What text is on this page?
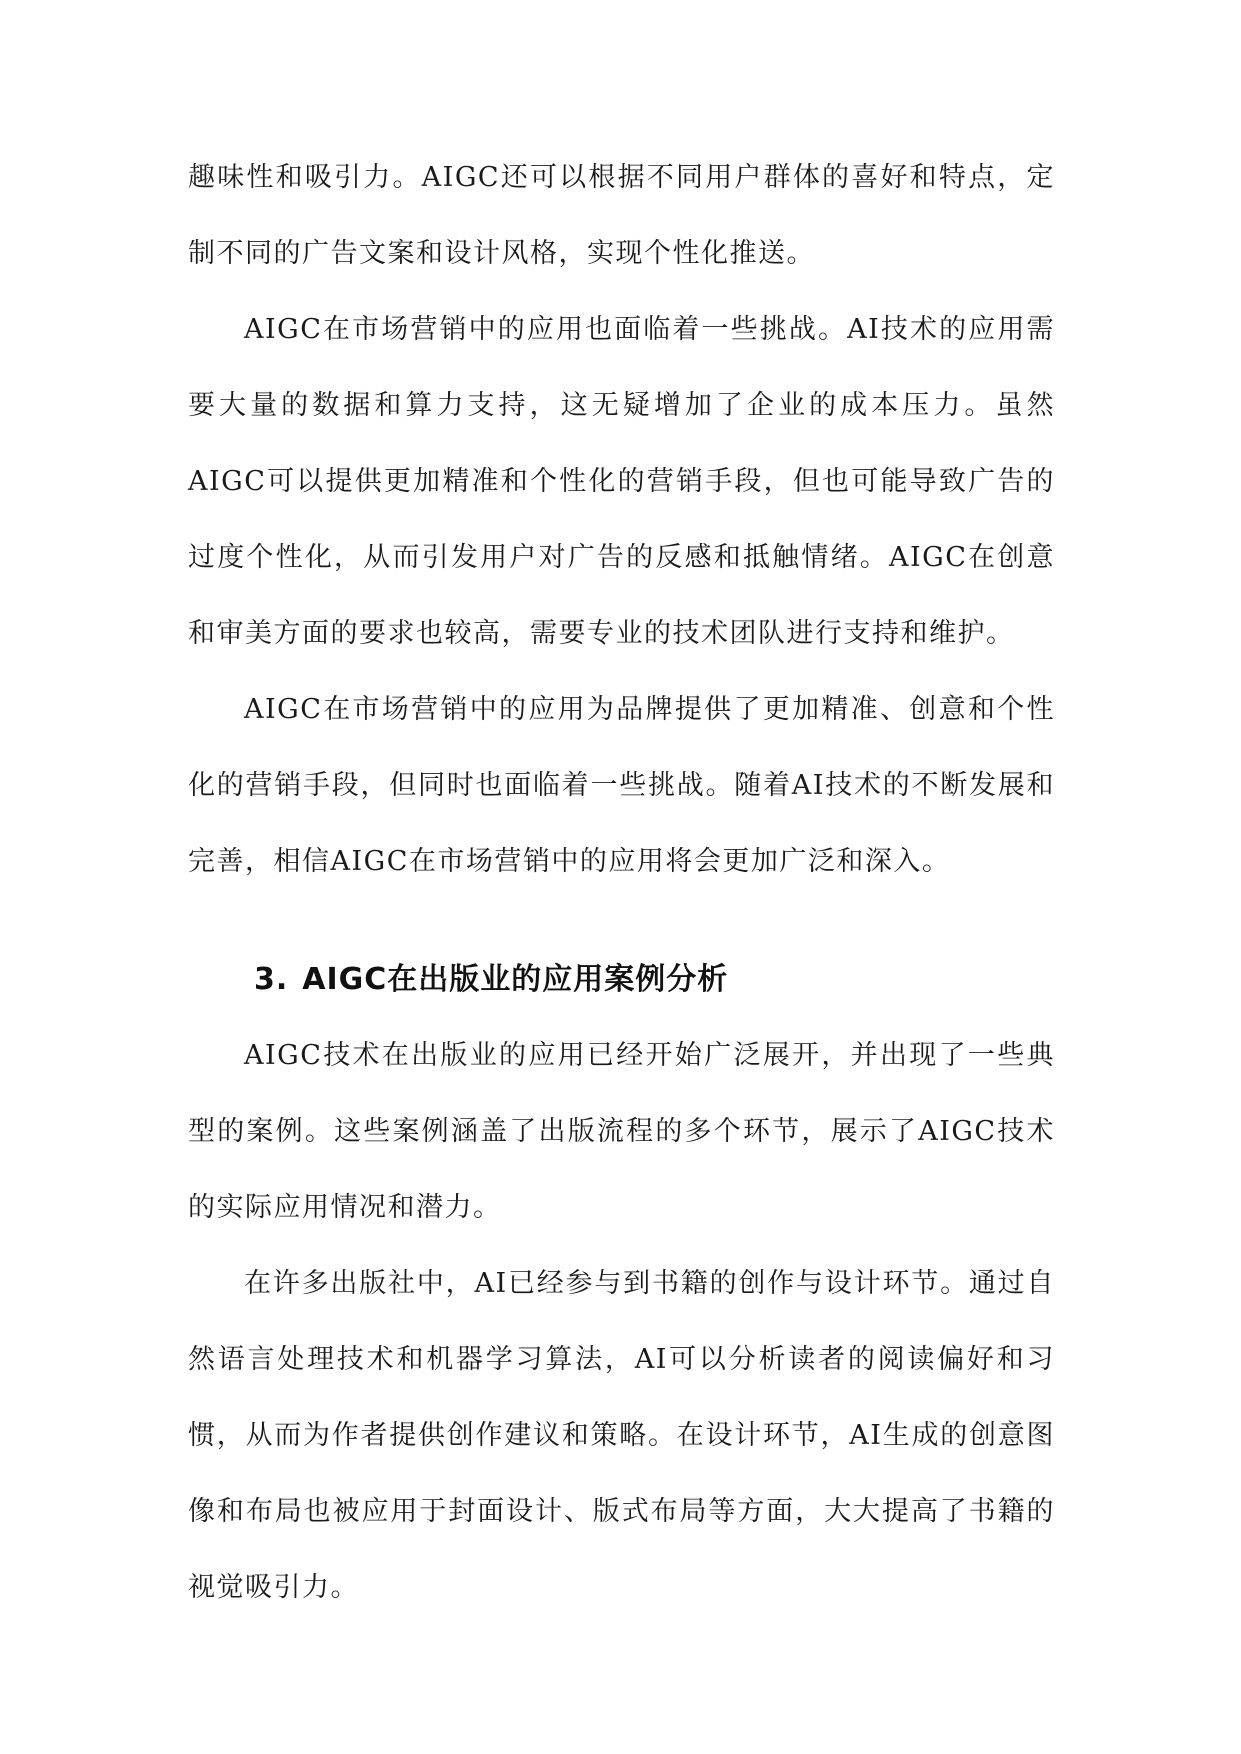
趣味性和吸引力。AIGC还可以根据不同用户群体的喜好和特点，定制不同的广告文案和设计风格，实现个性化推送。

AIGC在市场营销中的应用也面临着一些挑战。AI技术的应用需要大量的数据和算力支持，这无疑增加了企业的成本压力。虽然AIGC可以提供更加精准和个性化的营销手段，但也可能导致广告的过度个性化，从而引发用户对广告的反感和抵触情绪。AIGC在创意和审美方面的要求也较高，需要专业的技术团队进行支持和维护。

AIGC在市场营销中的应用为品牌提供了更加精准、创意和个性化的营销手段，但同时也面临着一些挑战。随着AI技术的不断发展和完善，相信AIGC在市场营销中的应用将会更加广泛和深入。

3. AIGC在出版业的应用案例分析

AIGC技术在出版业的应用已经开始广泛展开，并出现了一些典型的案例。这些案例涵盖了出版流程的多个环节，展示了AIGC技术的实际应用情况和潜力。

在许多出版社中，AI已经参与到书籍的创作与设计环节。通过自然语言处理技术和机器学习算法，AI可以分析读者的阅读偏好和习惯，从而为作者提供创作建议和策略。在设计环节，AI生成的创意图像和布局也被应用于封面设计、版式布局等方面，大大提高了书籍的视觉吸引力。
